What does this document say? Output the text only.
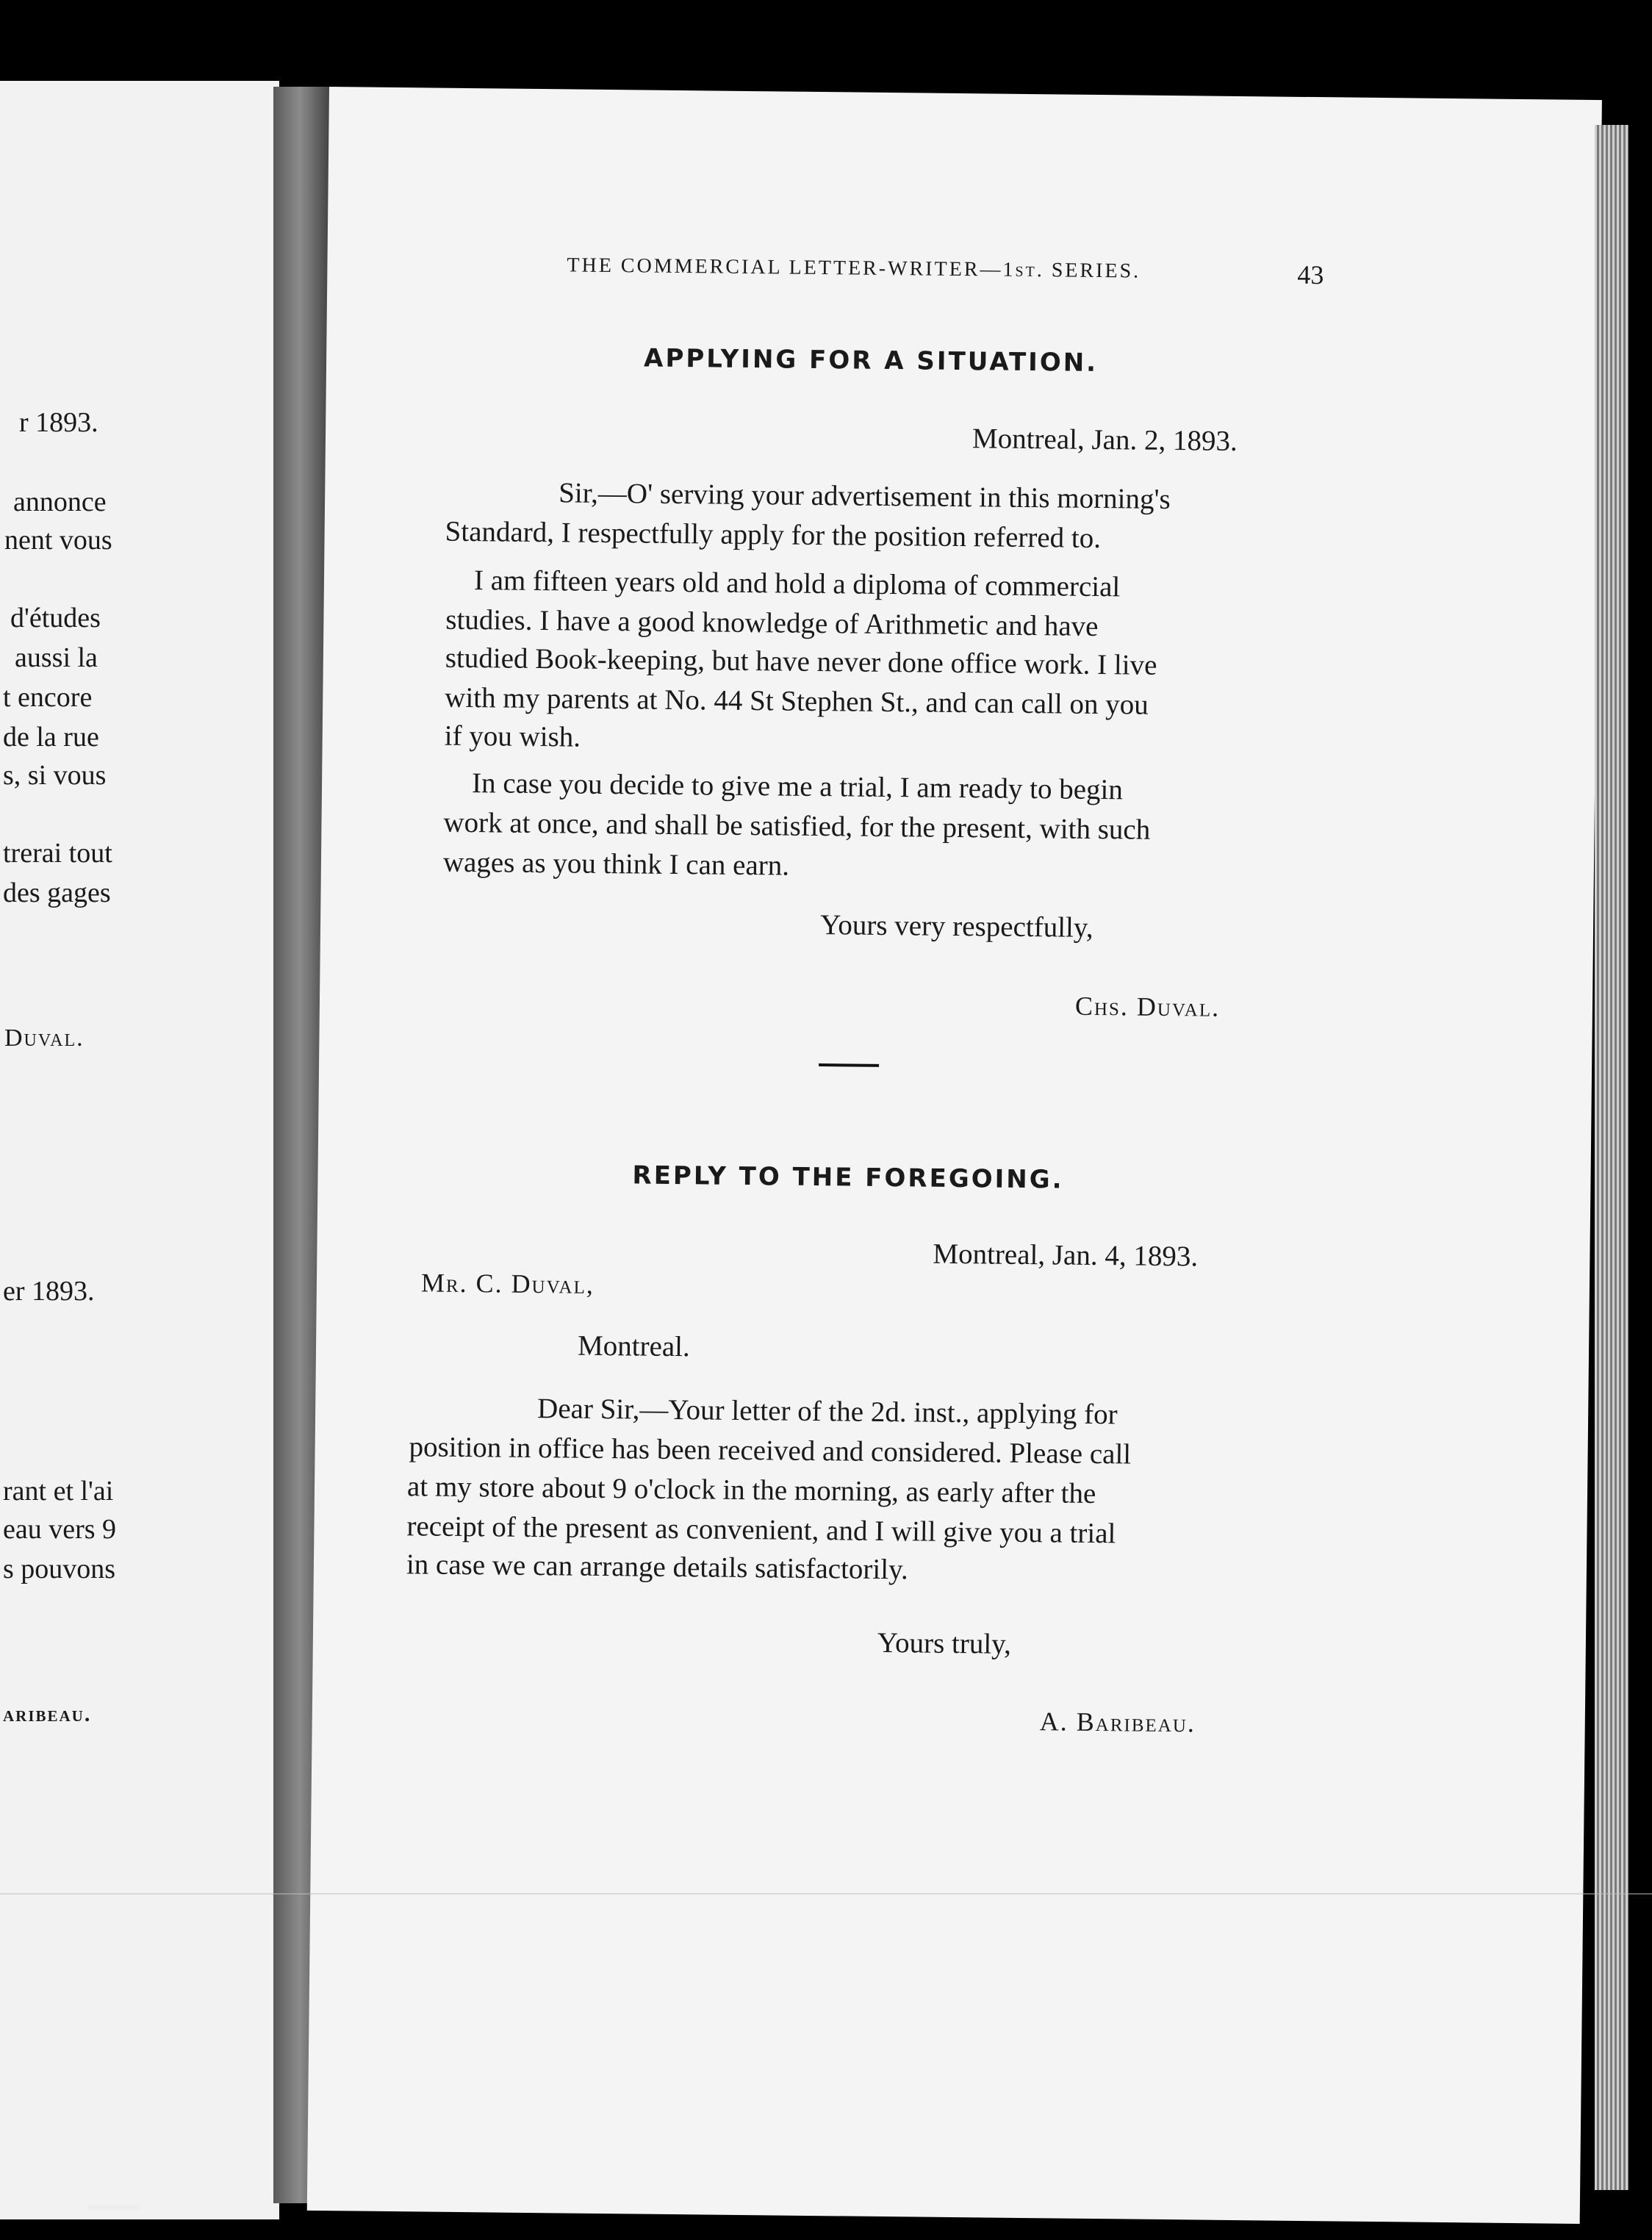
r 1893.
annonce
nent vous
d'études
aussi la
t encore
de la rue
s, si vous
trerai tout
des gages
Duval.
er 1893.
rant et l'ai
eau vers 9
s pouvons
aribeau.
THE COMMERCIAL LETTER-WRITER—1st. SERIES.	43
APPLYING FOR A SITUATION.
Montreal, Jan. 2, 1893.
Sir,—O' serving your advertisement in this morning's
Standard, I respectfully apply for the position referred to.
I am fifteen years old and hold a diploma of commercial
studies. I have a good knowledge of Arithmetic and have
studied Book-keeping, but have never done office work. I live
with my parents at No. 44 St Stephen St., and can call on you
if you wish.
In case you decide to give me a trial, I am ready to begin
work at once, and shall be satisfied, for the present, with such
wages as you think I can earn.
Yours very respectfully,
Chs. Duval.
REPLY TO THE FOREGOING.
Montreal, Jan. 4, 1893.
Mr. C. Duval,
Montreal.
Dear Sir,—Your letter of the 2d. inst., applying for
position in office has been received and considered. Please call
at my store about 9 o'clock in the morning, as early after the
receipt of the present as convenient, and I will give you a trial
in case we can arrange details satisfactorily.
Yours truly,
A. Baribeau.
